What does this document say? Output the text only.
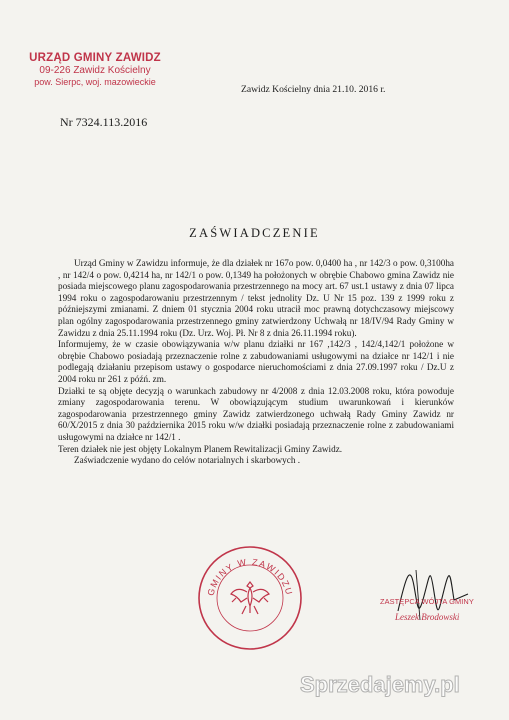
URZĄD GMINY ZAWIDZ
09-226 Zawidz Kościelny
pow. Sierpc, woj. mazowieckie
Zawidz Kościelny dnia 21.10. 2016 r.
Nr 7324.113.2016
ZAŚWIADCZENIE

Urząd Gminy w Zawidzu informuje, że dla działek nr 167o pow. 0,0400 ha , nr 142/3 o pow. 0,3100ha , nr 142/4 o pow. 0,4214 ha, nr 142/1 o pow. 0,1349 ha położonych w obrębie Chabowo gmina Zawidz nie posiada miejscowego planu zagospodarowania przestrzennego na mocy art. 67 ust.1 ustawy z dnia 07 lipca 1994 roku o zagospodarowaniu przestrzennym / tekst jednolity Dz. U Nr 15 poz. 139 z 1999 roku z późniejszymi zmianami. Z dniem 01 stycznia 2004 roku utracił moc prawną dotychczasowy miejscowy plan ogólny zagospodarowania przestrzennego gminy zatwierdzony Uchwałą nr 18/IV/94 Rady Gminy w Zawidzu z dnia 25.11.1994 roku (Dz. Urz. Woj. Pł. Nr 8 z dnia 26.11.1994 roku).

Informujemy, że w czasie obowiązywania w/w planu działki nr 167 ,142/3 , 142/4,142/1 położone w obrębie Chabowo posiadają przeznaczenie rolne z zabudowaniami usługowymi na działce nr 142/1 i nie podlegają działaniu przepisom ustawy o gospodarce nieruchomościami z dnia 27.09.1997 roku / Dz.U z 2004 roku nr 261 z późń. zm.

Działki te są objęte decyzją o warunkach zabudowy nr 4/2008 z dnia 12.03.2008 roku, która powoduje zmiany zagospodarowania terenu. W obowiązującym studium uwarunkowań i kierunków zagospodarowania przestrzennego gminy Zawidz zatwierdzonego uchwałą Rady Gminy Zawidz nr 60/X/2015 z dnia 30 października 2015 roku w/w działki posiadają przeznaczenie rolne z zabudowaniami usługowymi na działce nr 142/1 .

Teren działek nie jest objęty Lokalnym Planem Rewitalizacji Gminy Zawidz.

Zaświadczenie wydano do celów notarialnych i skarbowych .

GMINY W ZAWIDZU
ZASTĘPCA WÓJTA GMINY
Leszek Brodowski
Sprzedajemy.pl
